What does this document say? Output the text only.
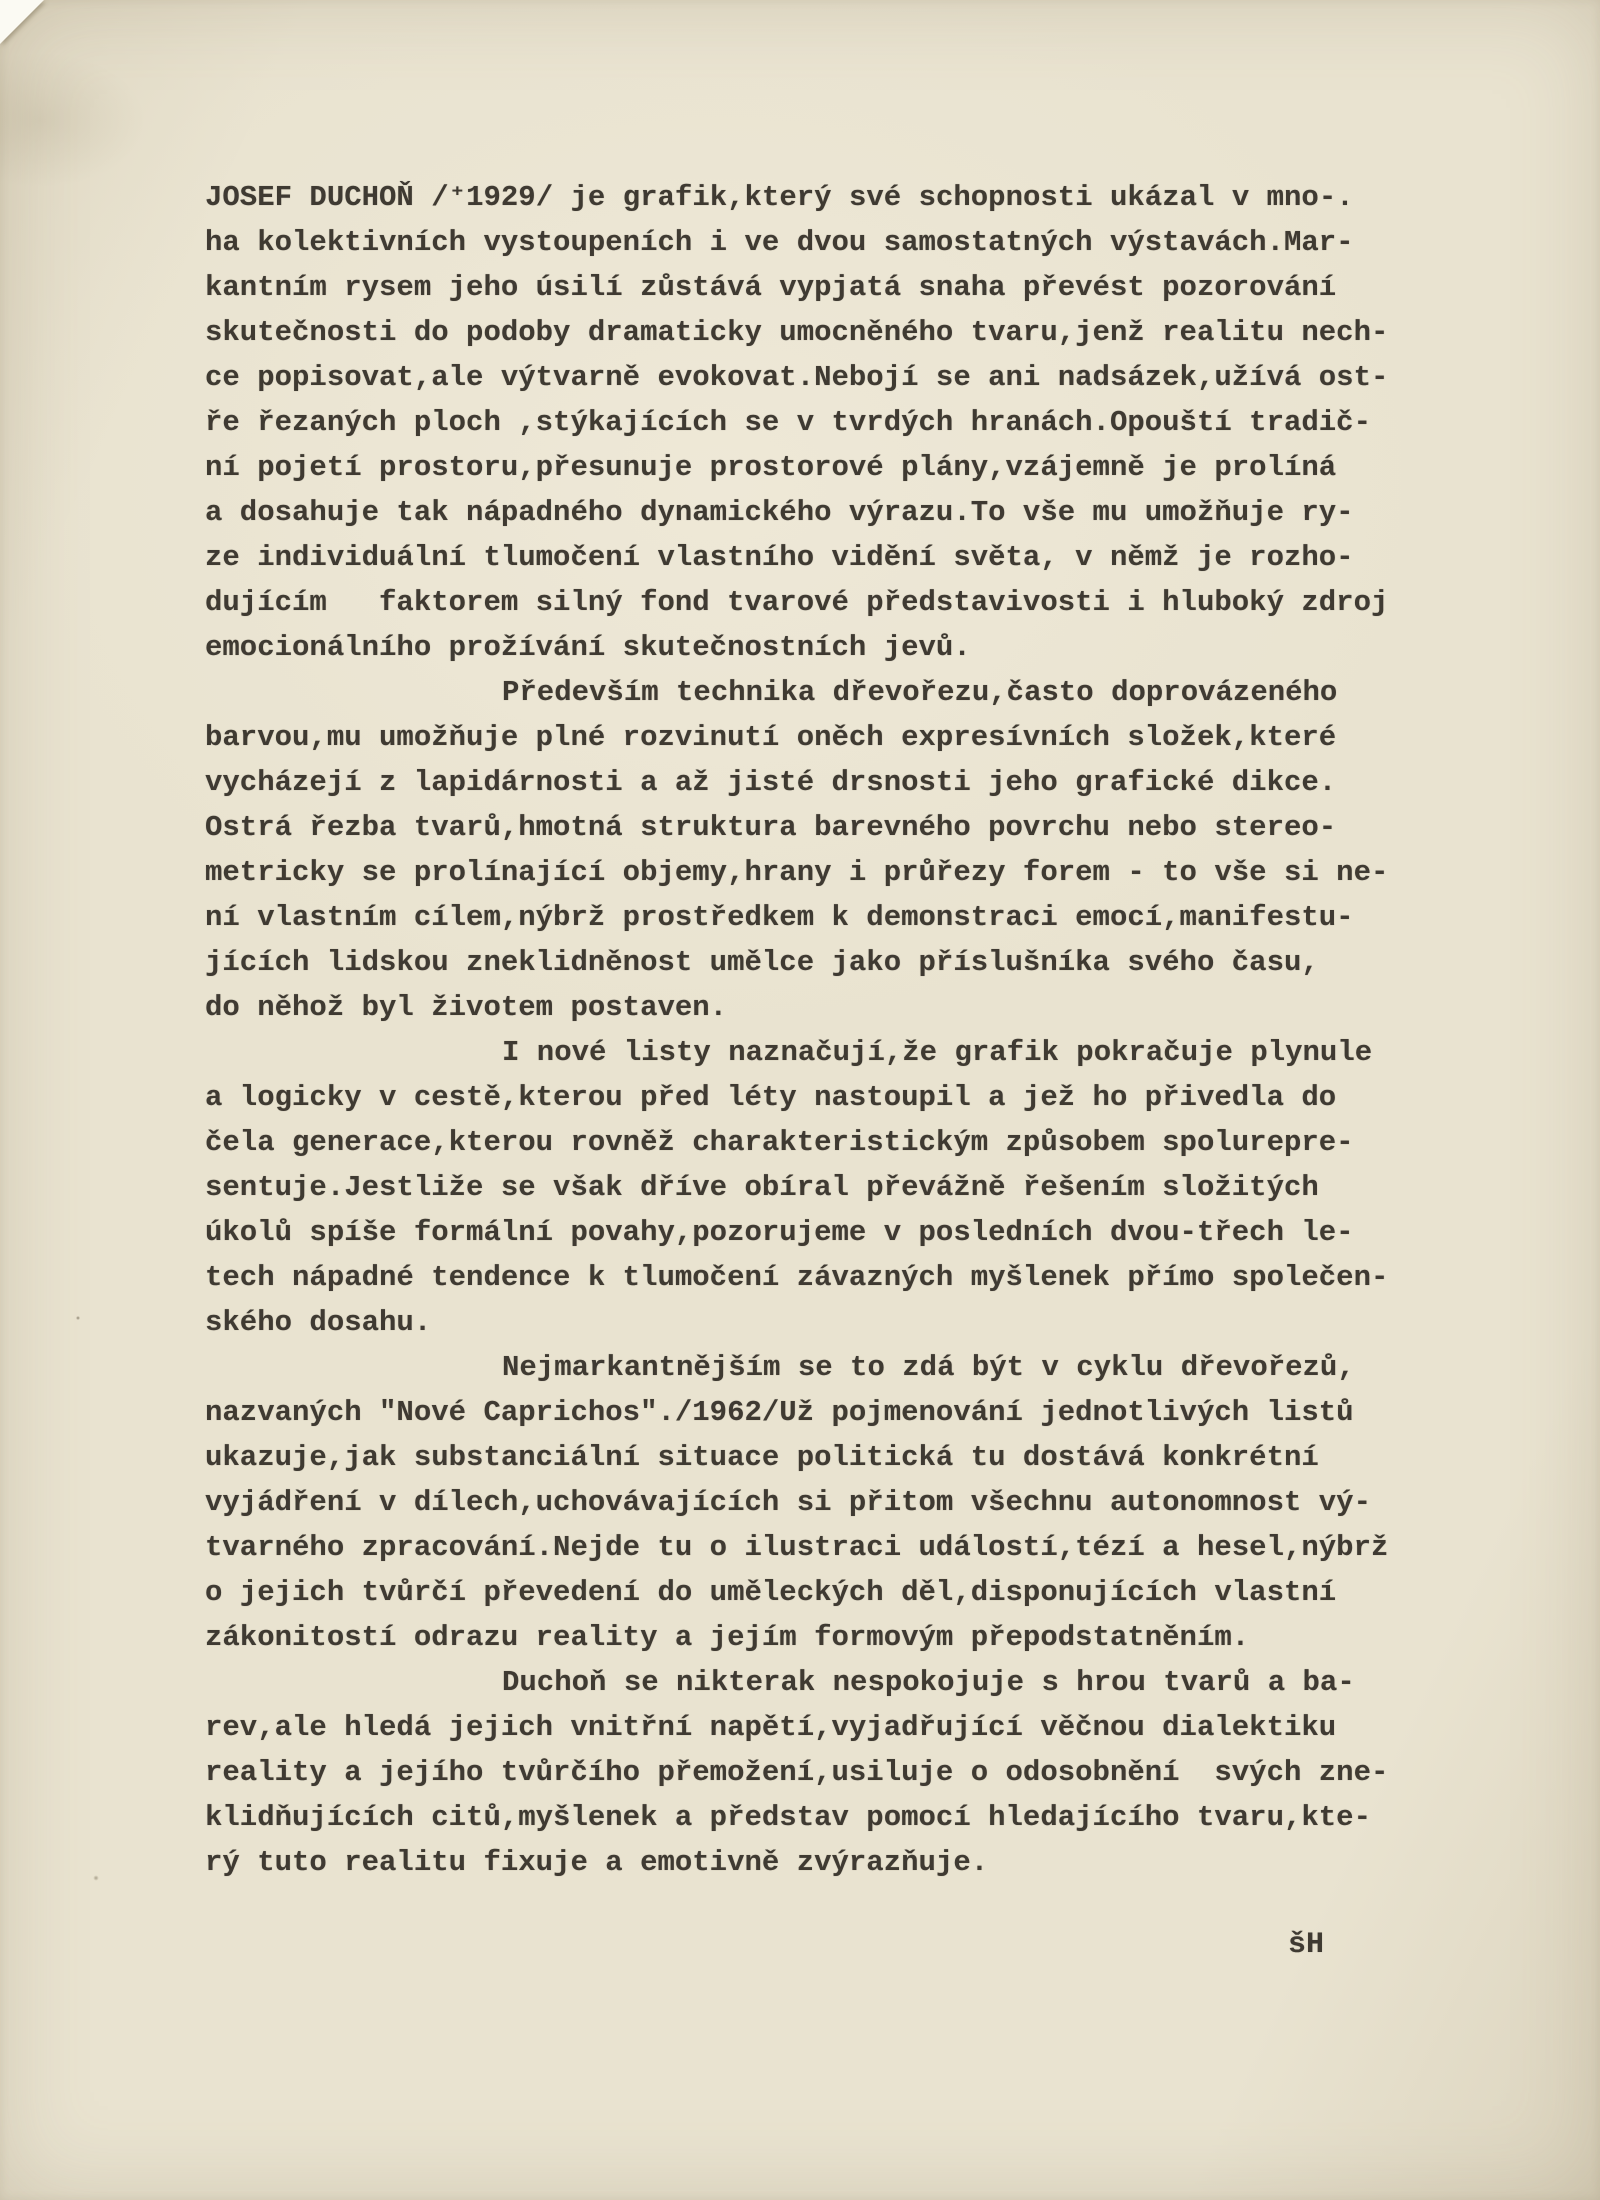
JOSEF DUCHOŇ /⁺1929/ je grafik,který své schopnosti ukázal v mno-.
ha kolektivních vystoupeních i ve dvou samostatných výstavách.Mar-
kantním rysem jeho úsilí zůstává vypjatá snaha převést pozorování
skutečnosti do podoby dramaticky umocněného tvaru,jenž realitu nech-
ce popisovat,ale výtvarně evokovat.Nebojí se ani nadsázek,užívá ost-
ře řezaných ploch ,stýkajících se v tvrdých hranách.Opouští tradič-
ní pojetí prostoru,přesunuje prostorové plány,vzájemně je prolíná
a dosahuje tak nápadného dynamického výrazu.To vše mu umožňuje ry-
ze individuální tlumočení vlastního vidění světa, v němž je rozho-
dujícím   faktorem silný fond tvarové představivosti i hluboký zdroj
emocionálního prožívání skutečnostních jevů.
Především technika dřevořezu,často doprovázeného
barvou,mu umožňuje plné rozvinutí oněch expresívních složek,které
vycházejí z lapidárnosti a až jisté drsnosti jeho grafické dikce.
Ostrá řezba tvarů,hmotná struktura barevného povrchu nebo stereo-
metricky se prolínající objemy,hrany i průřezy forem - to vše si ne-
ní vlastním cílem,nýbrž prostředkem k demonstraci emocí,manifestu-
jících lidskou zneklidněnost umělce jako příslušníka svého času,
do něhož byl životem postaven.
I nové listy naznačují,že grafik pokračuje plynule
a logicky v cestě,kterou před léty nastoupil a jež ho přivedla do
čela generace,kterou rovněž charakteristickým způsobem spolurepre-
sentuje.Jestliže se však dříve obíral převážně řešením složitých
úkolů spíše formální povahy,pozorujeme v posledních dvou-třech le-
tech nápadné tendence k tlumočení závazných myšlenek přímo společen-
ského dosahu.
Nejmarkantnějším se to zdá být v cyklu dřevořezů,
nazvaných "Nové Caprichos"./1962/Už pojmenování jednotlivých listů
ukazuje,jak substanciální situace politická tu dostává konkrétní
vyjádření v dílech,uchovávajících si přitom všechnu autonomnost vý-
tvarného zpracování.Nejde tu o ilustraci událostí,tézí a hesel,nýbrž
o jejich tvůrčí převedení do uměleckých děl,disponujících vlastní
zákonitostí odrazu reality a jejím formovým přepodstatněním.
Duchoň se nikterak nespokojuje s hrou tvarů a ba-
rev,ale hledá jejich vnitřní napětí,vyjadřující věčnou dialektiku
reality a jejího tvůrčího přemožení,usiluje o odosobnění  svých zne-
klidňujících citů,myšlenek a představ pomocí hledajícího tvaru,kte-
rý tuto realitu fixuje a emotivně zvýrazňuje.
šH
